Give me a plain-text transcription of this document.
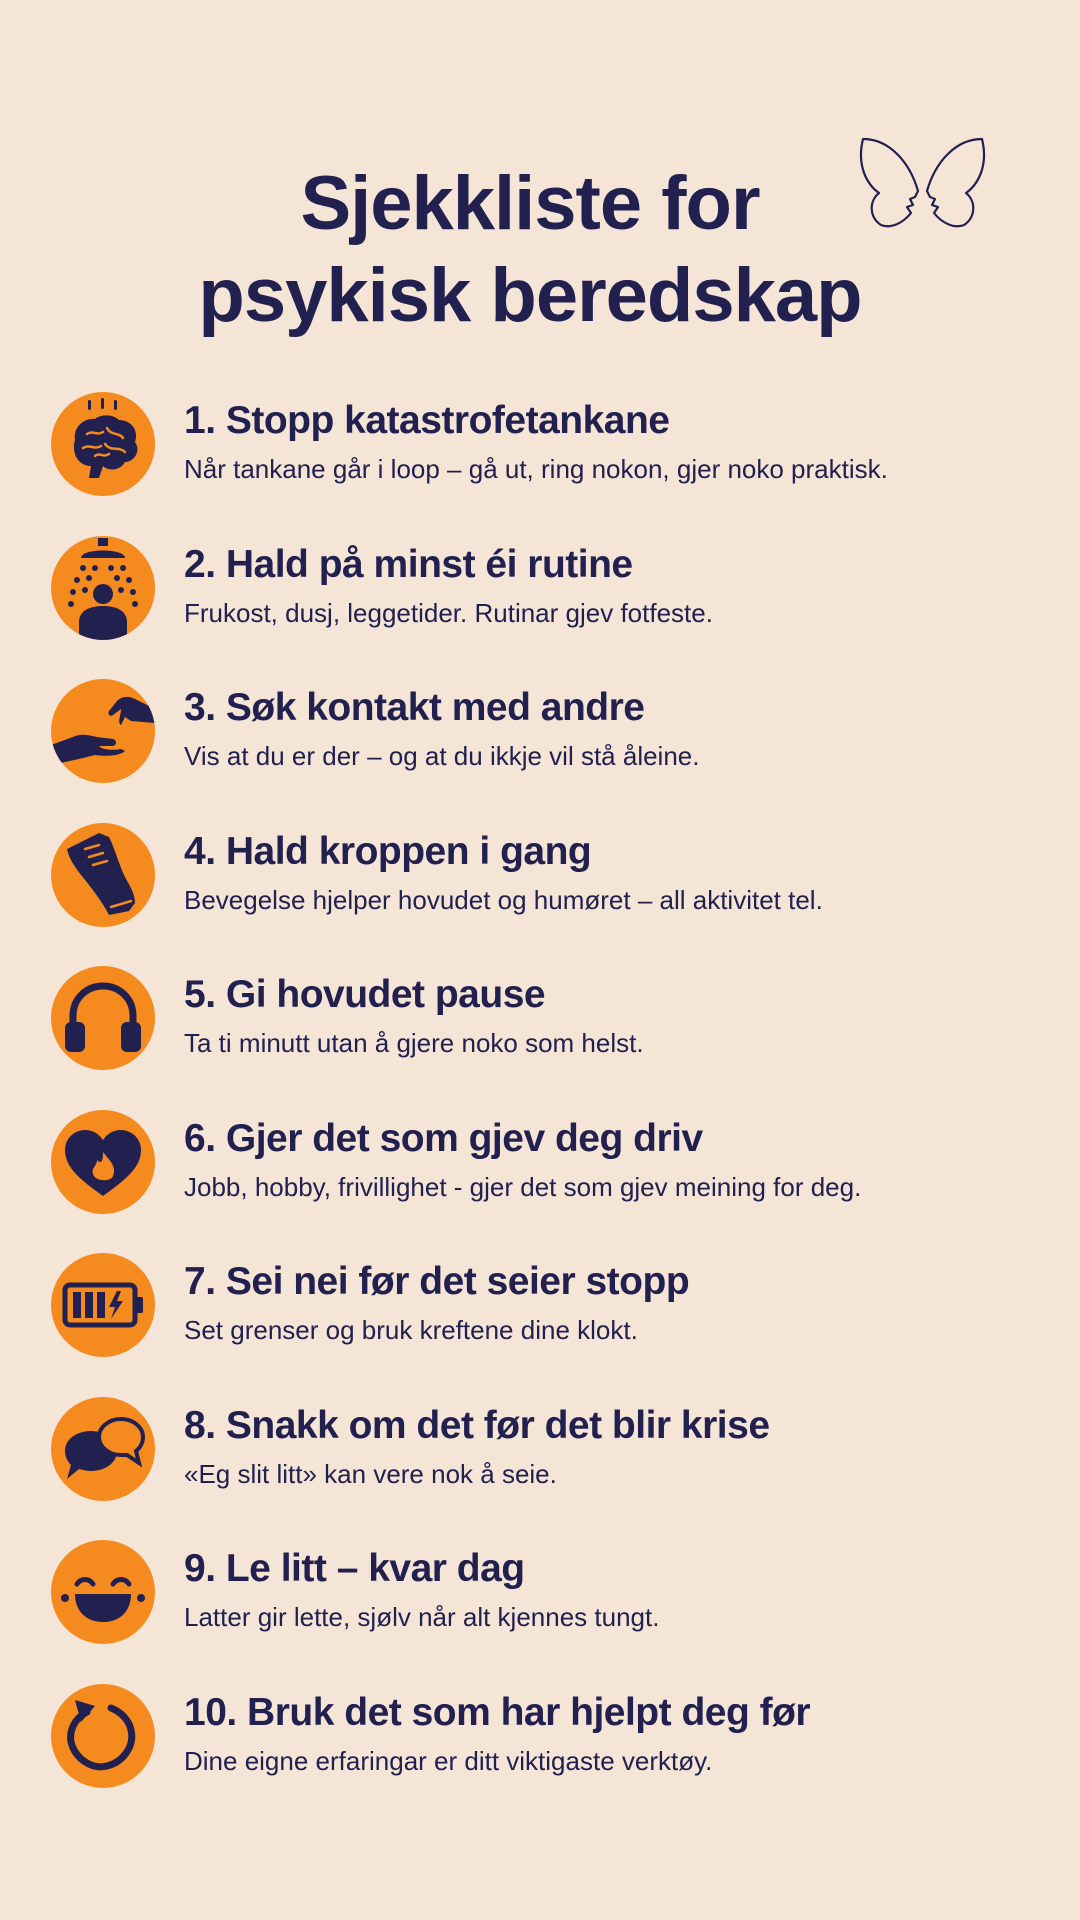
Sjekkliste for
psykisk beredskap
1. Stopp katastrofetankane

Når tankane går i loop – gå ut, ring nokon, gjer noko praktisk.

2. Hald på minst éi rutine

Frukost, dusj, leggetider. Rutinar gjev fotfeste.

3. Søk kontakt med andre

Vis at du er der – og at du ikkje vil stå åleine.

4. Hald kroppen i gang

Bevegelse hjelper hovudet og humøret – all aktivitet tel.

5. Gi hovudet pause

Ta ti minutt utan å gjere noko som helst.

6. Gjer det som gjev deg driv

Jobb, hobby, frivillighet - gjer det som gjev meining for deg.

7. Sei nei før det seier stopp

Set grenser og bruk kreftene dine klokt.

8. Snakk om det før det blir krise

«Eg slit litt» kan vere nok å seie.

9. Le litt – kvar dag

Latter gir lette, sjølv når alt kjennes tungt.

10. Bruk det som har hjelpt deg før

Dine eigne erfaringar er ditt viktigaste verktøy.
